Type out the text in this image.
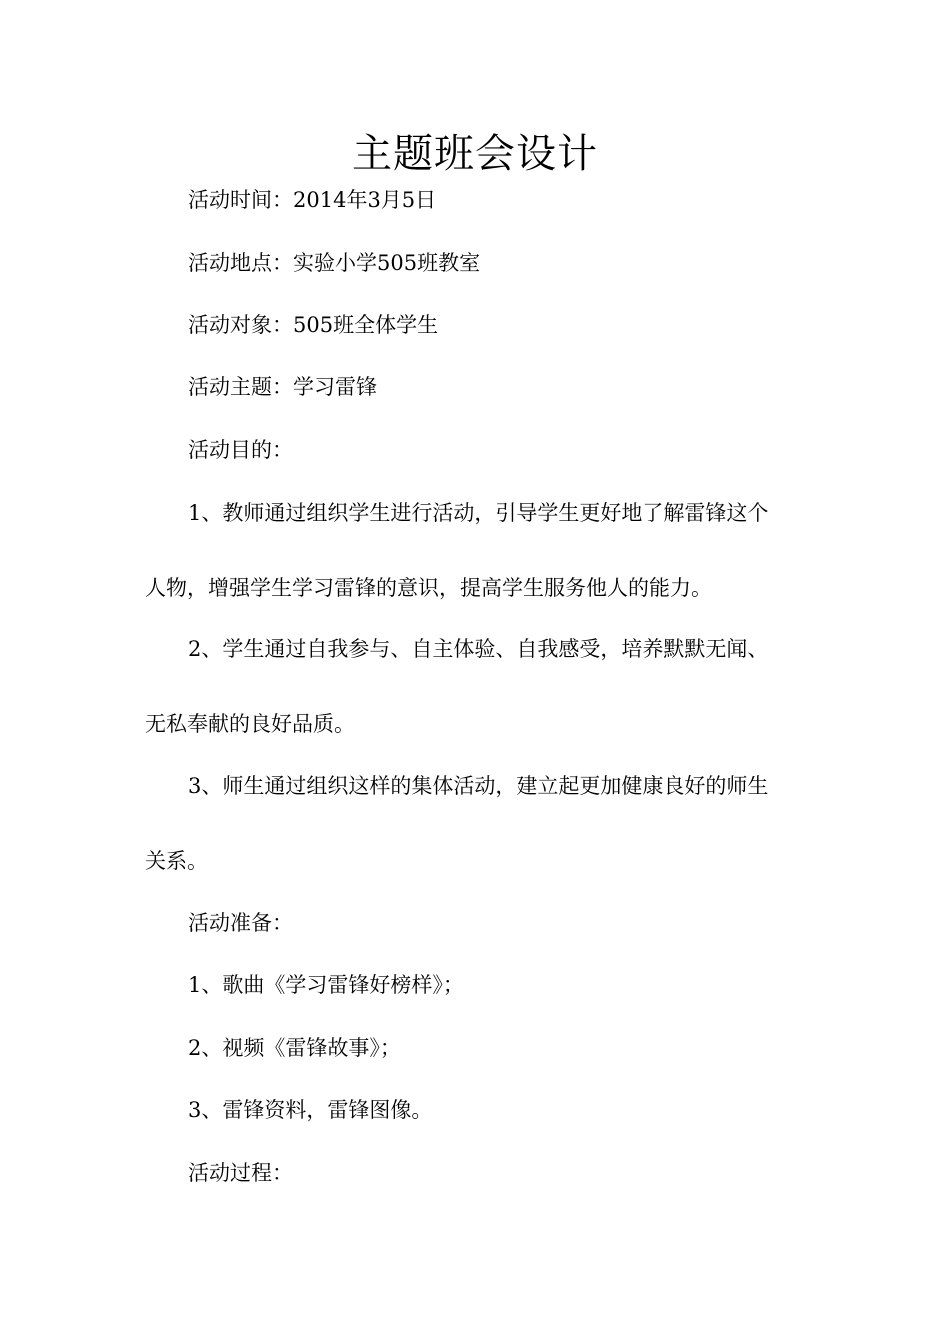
主题班会设计
活动时间：2014年3月5日
活动地点：实验小学505班教室
活动对象：505班全体学生
活动主题：学习雷锋
活动目的：
1、教师通过组织学生进行活动，引导学生更好地了解雷锋这个
人物，增强学生学习雷锋的意识，提高学生服务他人的能力。
2、学生通过自我参与、自主体验、自我感受，培养默默无闻、
无私奉献的良好品质。
3、师生通过组织这样的集体活动，建立起更加健康良好的师生
关系。
活动准备：
1、歌曲《学习雷锋好榜样》；
2、视频《雷锋故事》；
3、雷锋资料，雷锋图像。
活动过程：
